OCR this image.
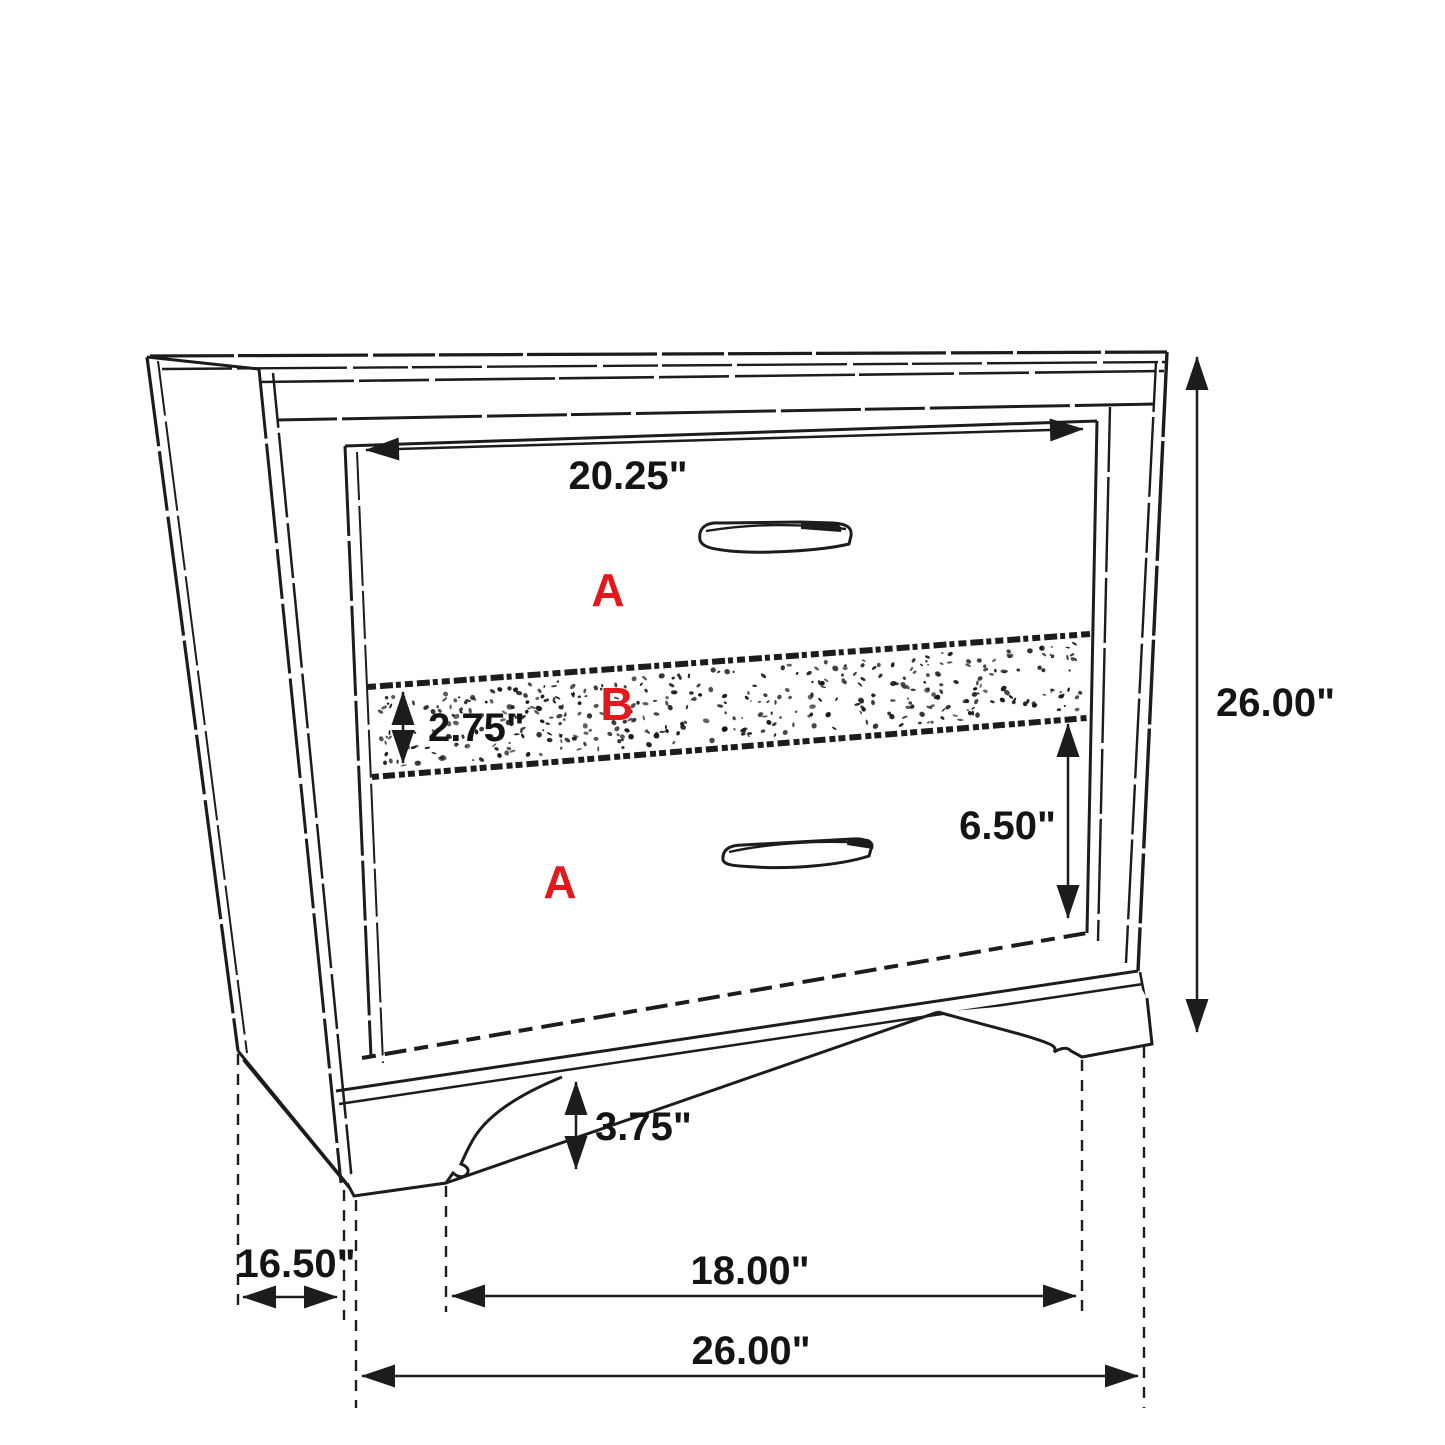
B
A
A
20.25"
26.00"
2.75"
6.50"
3.75"
16.50"	18.00"
26.00"
